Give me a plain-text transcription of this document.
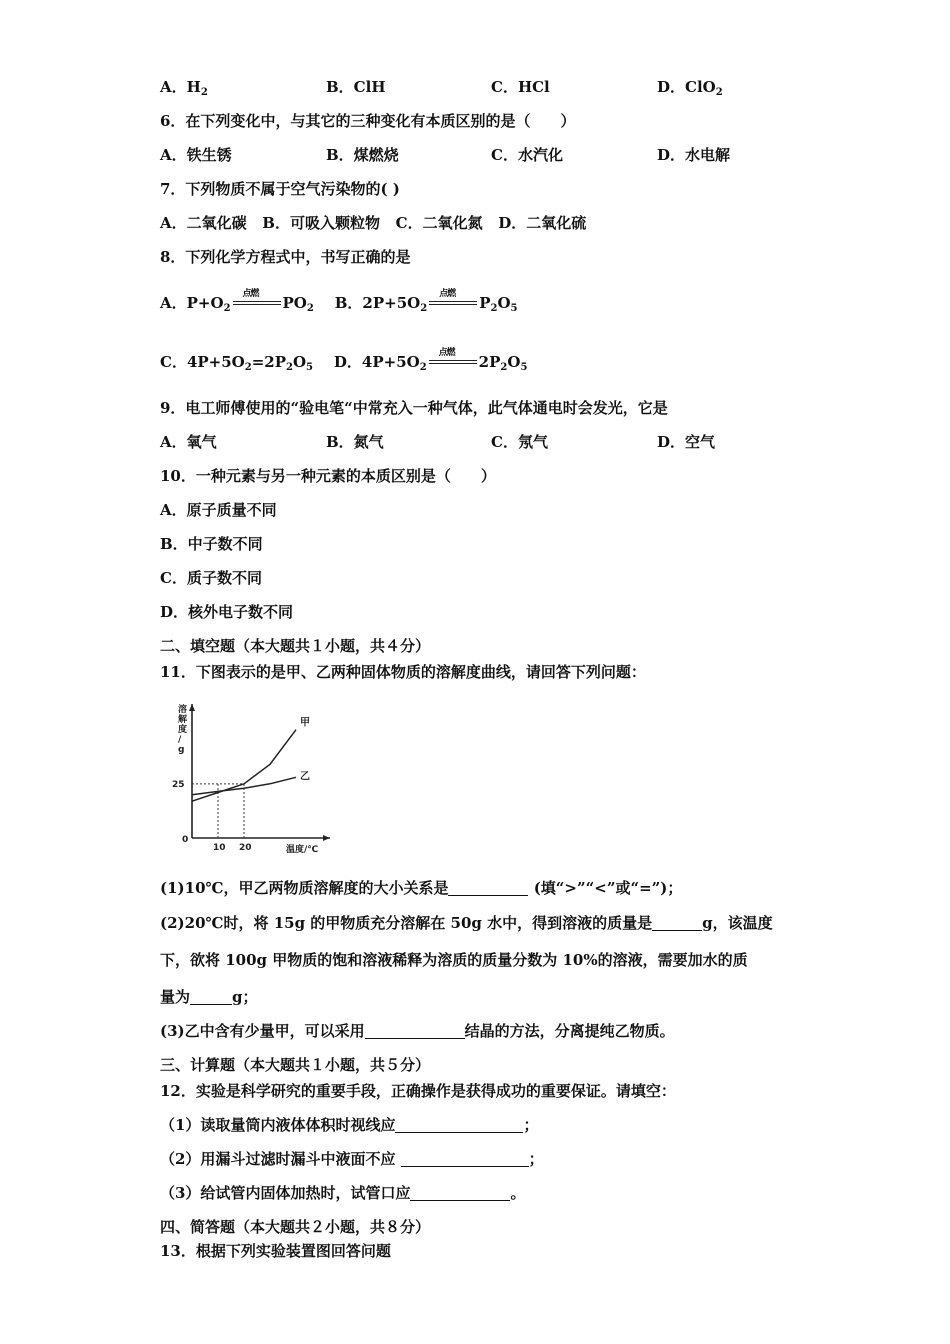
A．$H_2$	B．ClH	C．HCl	D．ClO$_2$
6．在下列变化中，与其它的三种变化有本质区别的是（　　）
A．铁生锈	B．煤燃烧	C．水汽化	D．水电解
7．下列物质不属于空气污染物的( )
A．二氧化碳   B．可吸入颗粒物   C．二氧化氮   D．二氧化硫
8．下列化学方程式中，书写正确的是
A．$P+O_2$
点燃 $PO_2$ B．$2P+5O_2$
点燃 $P_2O_5$
C．$4P+5O_2=2P_2O_5$ D．$4P+5O_2$
点燃 $2P_2O_5$
9．电工师傅使用的“验电笔“中常充入一种气体，此气体通电时会发光，它是
A．氧气	B．氮气	C．氖气	D．空气
10．一种元素与另一种元素的本质区别是（　　）
A．原子质量不同
B．中子数不同
C．质子数不同
D．核外电子数不同
二、填空题（本大题共１小题，共４分）
11．下图表示的是甲、乙两种固体物质的溶解度曲线，请回答下列问题：
甲
乙
10 20
25
0
温度/℃
溶解度/ g
(1)10℃，甲乙两物质溶解度的大小关系是	(填“>”“<”或“=”)；
(2)20℃时，将 15g 的甲物质充分溶解在 50g 水中，得到溶液的质量是	g，该温度
下，欲将 100g 甲物质的饱和溶液稀释为溶质的质量分数为 10%的溶液，需要加水的质
量为	g；
(3)乙中含有少量甲，可以采用	结晶的方法，分离提纯乙物质。
三、计算题（本大题共１小题，共５分）
12．实验是科学研究的重要手段，正确操作是获得成功的重要保证。请填空：
（1）读取量筒内液体体积时视线应	；
（2）用漏斗过滤时漏斗中液面不应	；
（3）给试管内固体加热时，试管口应	。
四、简答题（本大题共２小题，共８分）
13．根据下列实验装置图回答问题
